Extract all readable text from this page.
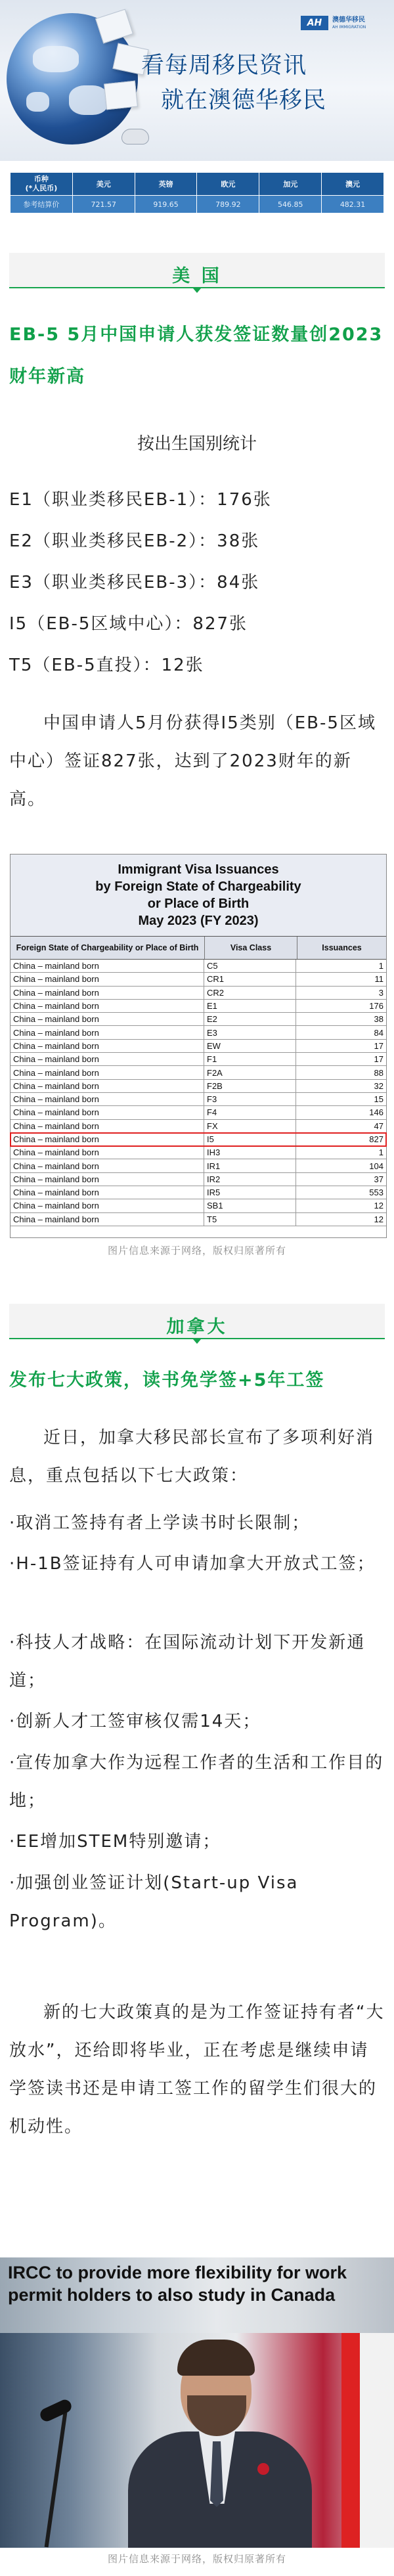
AH	澳德华移民
AH IMMIGRATION
看每周移民资讯
就在澳德华移民
币种
(*人民币)	美元	英镑	欧元	加元	澳元
参考结算价	721.57	919.65	789.92	546.85	482.31
美 国
EB-5 5月中国申请人获发签证数量创2023财年新高
按出生国别统计
E1（职业类移民EB-1）：176张
E2（职业类移民EB-2）：38张
E3（职业类移民EB-3）：84张
I5（EB-5区域中心）：827张
T5（EB-5直投）：12张
中国申请人5月份获得I5类别（EB-5区域中心）签证827张，达到了2023财年的新高。
Immigrant Visa Issuances
by Foreign State of Chargeability
or Place of Birth
May 2023 (FY 2023)
Foreign State of Chargeability or Place of Birth	Visa Class	Issuances
China – mainland born	C5	1
China – mainland born	CR1	11
China – mainland born	CR2	3
China – mainland born	E1	176
China – mainland born	E2	38
China – mainland born	E3	84
China – mainland born	EW	17
China – mainland born	F1	17
China – mainland born	F2A	88
China – mainland born	F2B	32
China – mainland born	F3	15
China – mainland born	F4	146
China – mainland born	FX	47
China – mainland born	I5	827
China – mainland born	IH3	1
China – mainland born	IR1	104
China – mainland born	IR2	37
China – mainland born	IR5	553
China – mainland born	SB1	12
China – mainland born	T5	12
图片信息来源于网络，版权归原著所有
加拿大
发布七大政策，读书免学签+5年工签
近日，加拿大移民部长宣布了多项利好消息，重点包括以下七大政策：
·取消工签持有者上学读书时长限制；
·H-1B签证持有人可申请加拿大开放式工签；
·科技人才战略：在国际流动计划下开发新通道；
·创新人才工签审核仅需14天；
·宣传加拿大作为远程工作者的生活和工作目的地；
·EE增加STEM特别邀请；
·加强创业签证计划(Start-up Visa Program)。
新的七大政策真的是为工作签证持有者“大放水”，还给即将毕业，正在考虑是继续申请学签读书还是申请工签工作的留学生们很大的机动性。
IRCC to provide more flexibility for work permit holders to also study in Canada
图片信息来源于网络，版权归原著所有
